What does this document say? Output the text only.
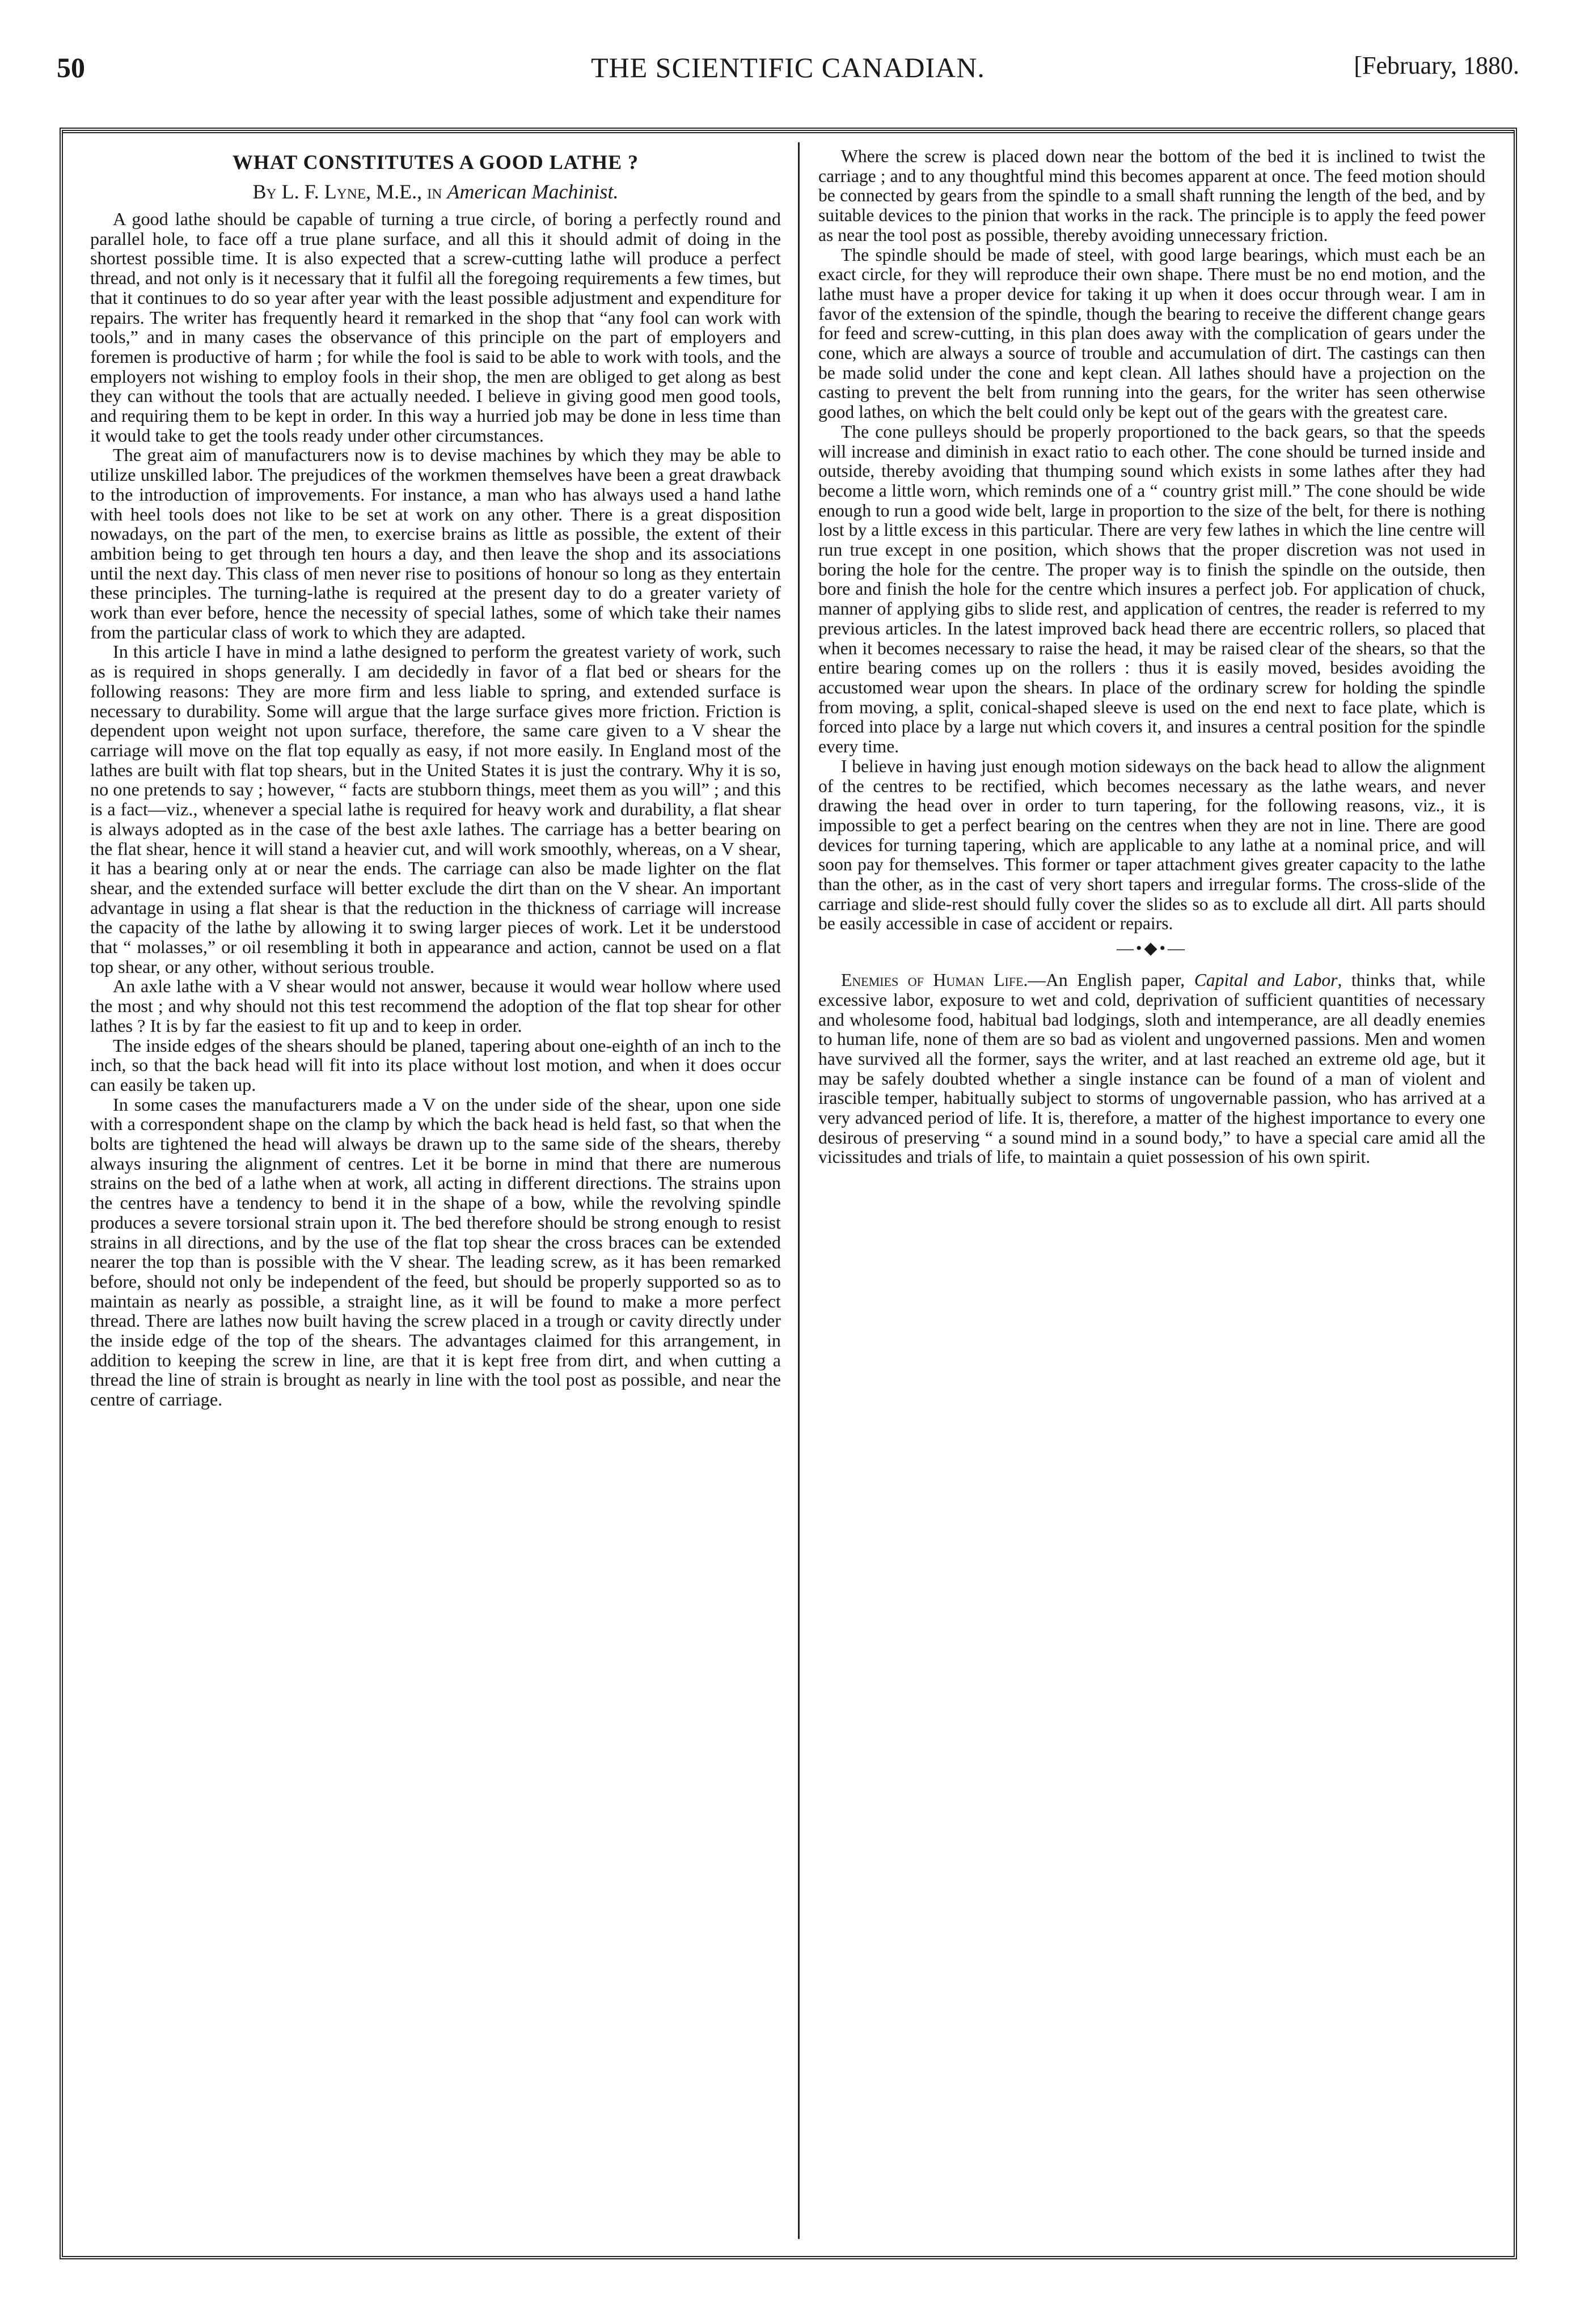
50	THE SCIENTIFIC CANADIAN.	[February, 1880.
WHAT CONSTITUTES A GOOD LATHE ?
By L. F. Lyne, M.E., in American Machinist.

A good lathe should be capable of turning a true circle, of boring a perfectly round and parallel hole, to face off a true plane surface, and all this it should admit of doing in the shortest possible time. It is also expected that a screw-cutting lathe will produce a perfect thread, and not only is it necessary that it fulfil all the foregoing requirements a few times, but that it continues to do so year after year with the least possible adjustment and expenditure for repairs. The writer has frequently heard it remarked in the shop that “any fool can work with tools,” and in many cases the observance of this principle on the part of employers and foremen is productive of harm ; for while the fool is said to be able to work with tools, and the employers not wishing to employ fools in their shop, the men are obliged to get along as best they can without the tools that are actually needed. I believe in giving good men good tools, and requiring them to be kept in order. In this way a hurried job may be done in less time than it would take to get the tools ready under other circumstances.

The great aim of manufacturers now is to devise machines by which they may be able to utilize unskilled labor. The prejudices of the workmen themselves have been a great drawback to the introduction of improvements. For instance, a man who has always used a hand lathe with heel tools does not like to be set at work on any other. There is a great disposition nowadays, on the part of the men, to exercise brains as little as possible, the extent of their ambition being to get through ten hours a day, and then leave the shop and its associations until the next day. This class of men never rise to positions of honour so long as they entertain these principles. The turning-lathe is required at the present day to do a greater variety of work than ever before, hence the necessity of special lathes, some of which take their names from the particular class of work to which they are adapted.

In this article I have in mind a lathe designed to perform the greatest variety of work, such as is required in shops generally. I am decidedly in favor of a flat bed or shears for the following reasons: They are more firm and less liable to spring, and extended surface is necessary to durability. Some will argue that the large surface gives more friction. Friction is dependent upon weight not upon surface, therefore, the same care given to a V shear the carriage will move on the flat top equally as easy, if not more easily. In England most of the lathes are built with flat top shears, but in the United States it is just the contrary. Why it is so, no one pretends to say ; however, “ facts are stubborn things, meet them as you will” ; and this is a fact—viz., whenever a special lathe is required for heavy work and durability, a flat shear is always adopted as in the case of the best axle lathes. The carriage has a better bearing on the flat shear, hence it will stand a heavier cut, and will work smoothly, whereas, on a V shear, it has a bearing only at or near the ends. The carriage can also be made lighter on the flat shear, and the extended surface will better exclude the dirt than on the V shear. An important advantage in using a flat shear is that the reduction in the thickness of carriage will increase the capacity of the lathe by allowing it to swing larger pieces of work. Let it be understood that “ molasses,” or oil resembling it both in appearance and action, cannot be used on a flat top shear, or any other, without serious trouble.

An axle lathe with a V shear would not answer, because it would wear hollow where used the most ; and why should not this test recommend the adoption of the flat top shear for other lathes ? It is by far the easiest to fit up and to keep in order.

The inside edges of the shears should be planed, tapering about one-eighth of an inch to the inch, so that the back head will fit into its place without lost motion, and when it does occur can easily be taken up.

In some cases the manufacturers made a V on the under side of the shear, upon one side with a correspondent shape on the clamp by which the back head is held fast, so that when the bolts are tightened the head will always be drawn up to the same side of the shears, thereby always insuring the alignment of centres. Let it be borne in mind that there are numerous strains on the bed of a lathe when at work, all acting in different directions. The strains upon the centres have a tendency to bend it in the shape of a bow, while the revolving spindle produces a severe torsional strain upon it. The bed therefore should be strong enough to resist strains in all directions, and by the use of the flat top shear the cross braces can be extended nearer the top than is possible with the V shear. The leading screw, as it has been remarked before, should not only be independent of the feed, but should be properly supported so as to maintain as nearly as possible, a straight line, as it will be found to make a more perfect thread. There are lathes now built having the screw placed in a trough or cavity directly under the inside edge of the top of the shears. The advantages claimed for this arrangement, in addition to keeping the screw in line, are that it is kept free from dirt, and when cutting a thread the line of strain is brought as nearly in line with the tool post as possible, and near the centre of carriage.

Where the screw is placed down near the bottom of the bed it is inclined to twist the carriage ; and to any thoughtful mind this becomes apparent at once. The feed motion should be connected by gears from the spindle to a small shaft running the length of the bed, and by suitable devices to the pinion that works in the rack. The principle is to apply the feed power as near the tool post as possible, thereby avoiding unnecessary friction.

The spindle should be made of steel, with good large bearings, which must each be an exact circle, for they will reproduce their own shape. There must be no end motion, and the lathe must have a proper device for taking it up when it does occur through wear. I am in favor of the extension of the spindle, though the bearing to receive the different change gears for feed and screw-cutting, in this plan does away with the complication of gears under the cone, which are always a source of trouble and accumulation of dirt. The castings can then be made solid under the cone and kept clean. All lathes should have a projection on the casting to prevent the belt from running into the gears, for the writer has seen otherwise good lathes, on which the belt could only be kept out of the gears with the greatest care.

The cone pulleys should be properly proportioned to the back gears, so that the speeds will increase and diminish in exact ratio to each other. The cone should be turned inside and outside, thereby avoiding that thumping sound which exists in some lathes after they had become a little worn, which reminds one of a “ country grist mill.” The cone should be wide enough to run a good wide belt, large in proportion to the size of the belt, for there is nothing lost by a little excess in this particular. There are very few lathes in which the line centre will run true except in one position, which shows that the proper discretion was not used in boring the hole for the centre. The proper way is to finish the spindle on the outside, then bore and finish the hole for the centre which insures a perfect job. For application of chuck, manner of applying gibs to slide rest, and application of centres, the reader is referred to my previous articles. In the latest improved back head there are eccentric rollers, so placed that when it becomes necessary to raise the head, it may be raised clear of the shears, so that the entire bearing comes up on the rollers : thus it is easily moved, besides avoiding the accustomed wear upon the shears. In place of the ordinary screw for holding the spindle from moving, a split, conical-shaped sleeve is used on the end next to face plate, which is forced into place by a large nut which covers it, and insures a central position for the spindle every time.

I believe in having just enough motion sideways on the back head to allow the alignment of the centres to be rectified, which becomes necessary as the lathe wears, and never drawing the head over in order to turn tapering, for the following reasons, viz., it is impossible to get a perfect bearing on the centres when they are not in line. There are good devices for turning tapering, which are applicable to any lathe at a nominal price, and will soon pay for themselves. This former or taper attachment gives greater capacity to the lathe than the other, as in the cast of very short tapers and irregular forms. The cross-slide of the carriage and slide-rest should fully cover the slides so as to exclude all dirt. All parts should be easily accessible in case of accident or repairs.

—•◆•—

Enemies of Human Life.—An English paper, Capital and Labor, thinks that, while excessive labor, exposure to wet and cold, deprivation of sufficient quantities of necessary and wholesome food, habitual bad lodgings, sloth and intemperance, are all deadly enemies to human life, none of them are so bad as violent and ungoverned passions. Men and women have survived all the former, says the writer, and at last reached an extreme old age, but it may be safely doubted whether a single instance can be found of a man of violent and irascible temper, habitually subject to storms of ungovernable passion, who has arrived at a very advanced period of life. It is, therefore, a matter of the highest importance to every one desirous of preserving “ a sound mind in a sound body,” to have a special care amid all the vicissitudes and trials of life, to maintain a quiet possession of his own spirit.
